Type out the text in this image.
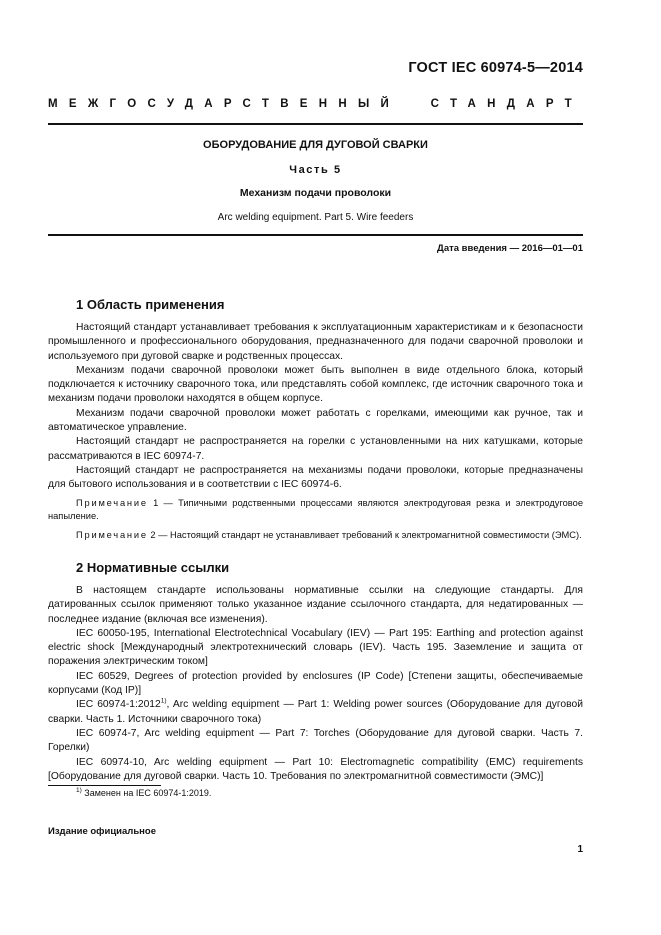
ГОСТ IEC 60974-5—2014
МЕЖГОСУДАРСТВЕННЫЙ	СТАНДАРТ
ОБОРУДОВАНИЕ ДЛЯ ДУГОВОЙ СВАРКИ
Часть 5
Механизм подачи проволоки
Arc welding equipment. Part 5. Wire feeders
Дата введения — 2016—01—01
1 Область применения

Настоящий стандарт устанавливает требования к эксплуатационным характеристикам и к безопасности промышленного и профессионального оборудования, предназначенного для подачи сварочной проволоки и используемого при дуговой сварке и родственных процессах.

Механизм подачи сварочной проволоки может быть выполнен в виде отдельного блока, который подключается к источнику сварочного тока, или представлять собой комплекс, где источник сварочного тока и механизм подачи проволоки находятся в общем корпусе.

Механизм подачи сварочной проволоки может работать с горелками, имеющими как ручное, так и автоматическое управление.

Настоящий стандарт не распространяется на горелки с установленными на них катушками, которые рассматриваются в IEC 60974-7.

Настоящий стандарт не распространяется на механизмы подачи проволоки, которые предназначены для бытового использования и в соответствии с IEC 60974-6.

Примечание 1 — Типичными родственными процессами являются электродуговая резка и электродуговое напыление.

Примечание 2 — Настоящий стандарт не устанавливает требований к электромагнитной совместимости (ЭМС).

2 Нормативные ссылки

В настоящем стандарте использованы нормативные ссылки на следующие стандарты. Для датированных ссылок применяют только указанное издание ссылочного стандарта, для недатированных — последнее издание (включая все изменения).

IEC 60050-195, International Electrotechnical Vocabulary (IEV) — Part 195: Earthing and protection against electric shock [Международный электротехнический словарь (IEV). Часть 195. Заземление и защита от поражения электрическим током]

IEC 60529, Degrees of protection provided by enclosures (IP Code) [Степени защиты, обеспечиваемые корпусами (Код IP)]

IEC 60974-1:2012$^{1)}$, Arc welding equipment — Part 1: Welding power sources (Оборудование для дуговой сварки. Часть 1. Источники сварочного тока)

IEC 60974-7, Arc welding equipment — Part 7: Torches (Оборудование для дуговой сварки. Часть 7. Горелки)

IEC 60974-10, Arc welding equipment — Part 10: Electromagnetic compatibility (EMC) requirements [Оборудование для дуговой сварки. Часть 10. Требования по электромагнитной совместимости (ЭМС)]

$^{1)}$ Заменен на IEC 60974-1:2019.
Издание официальное
1
